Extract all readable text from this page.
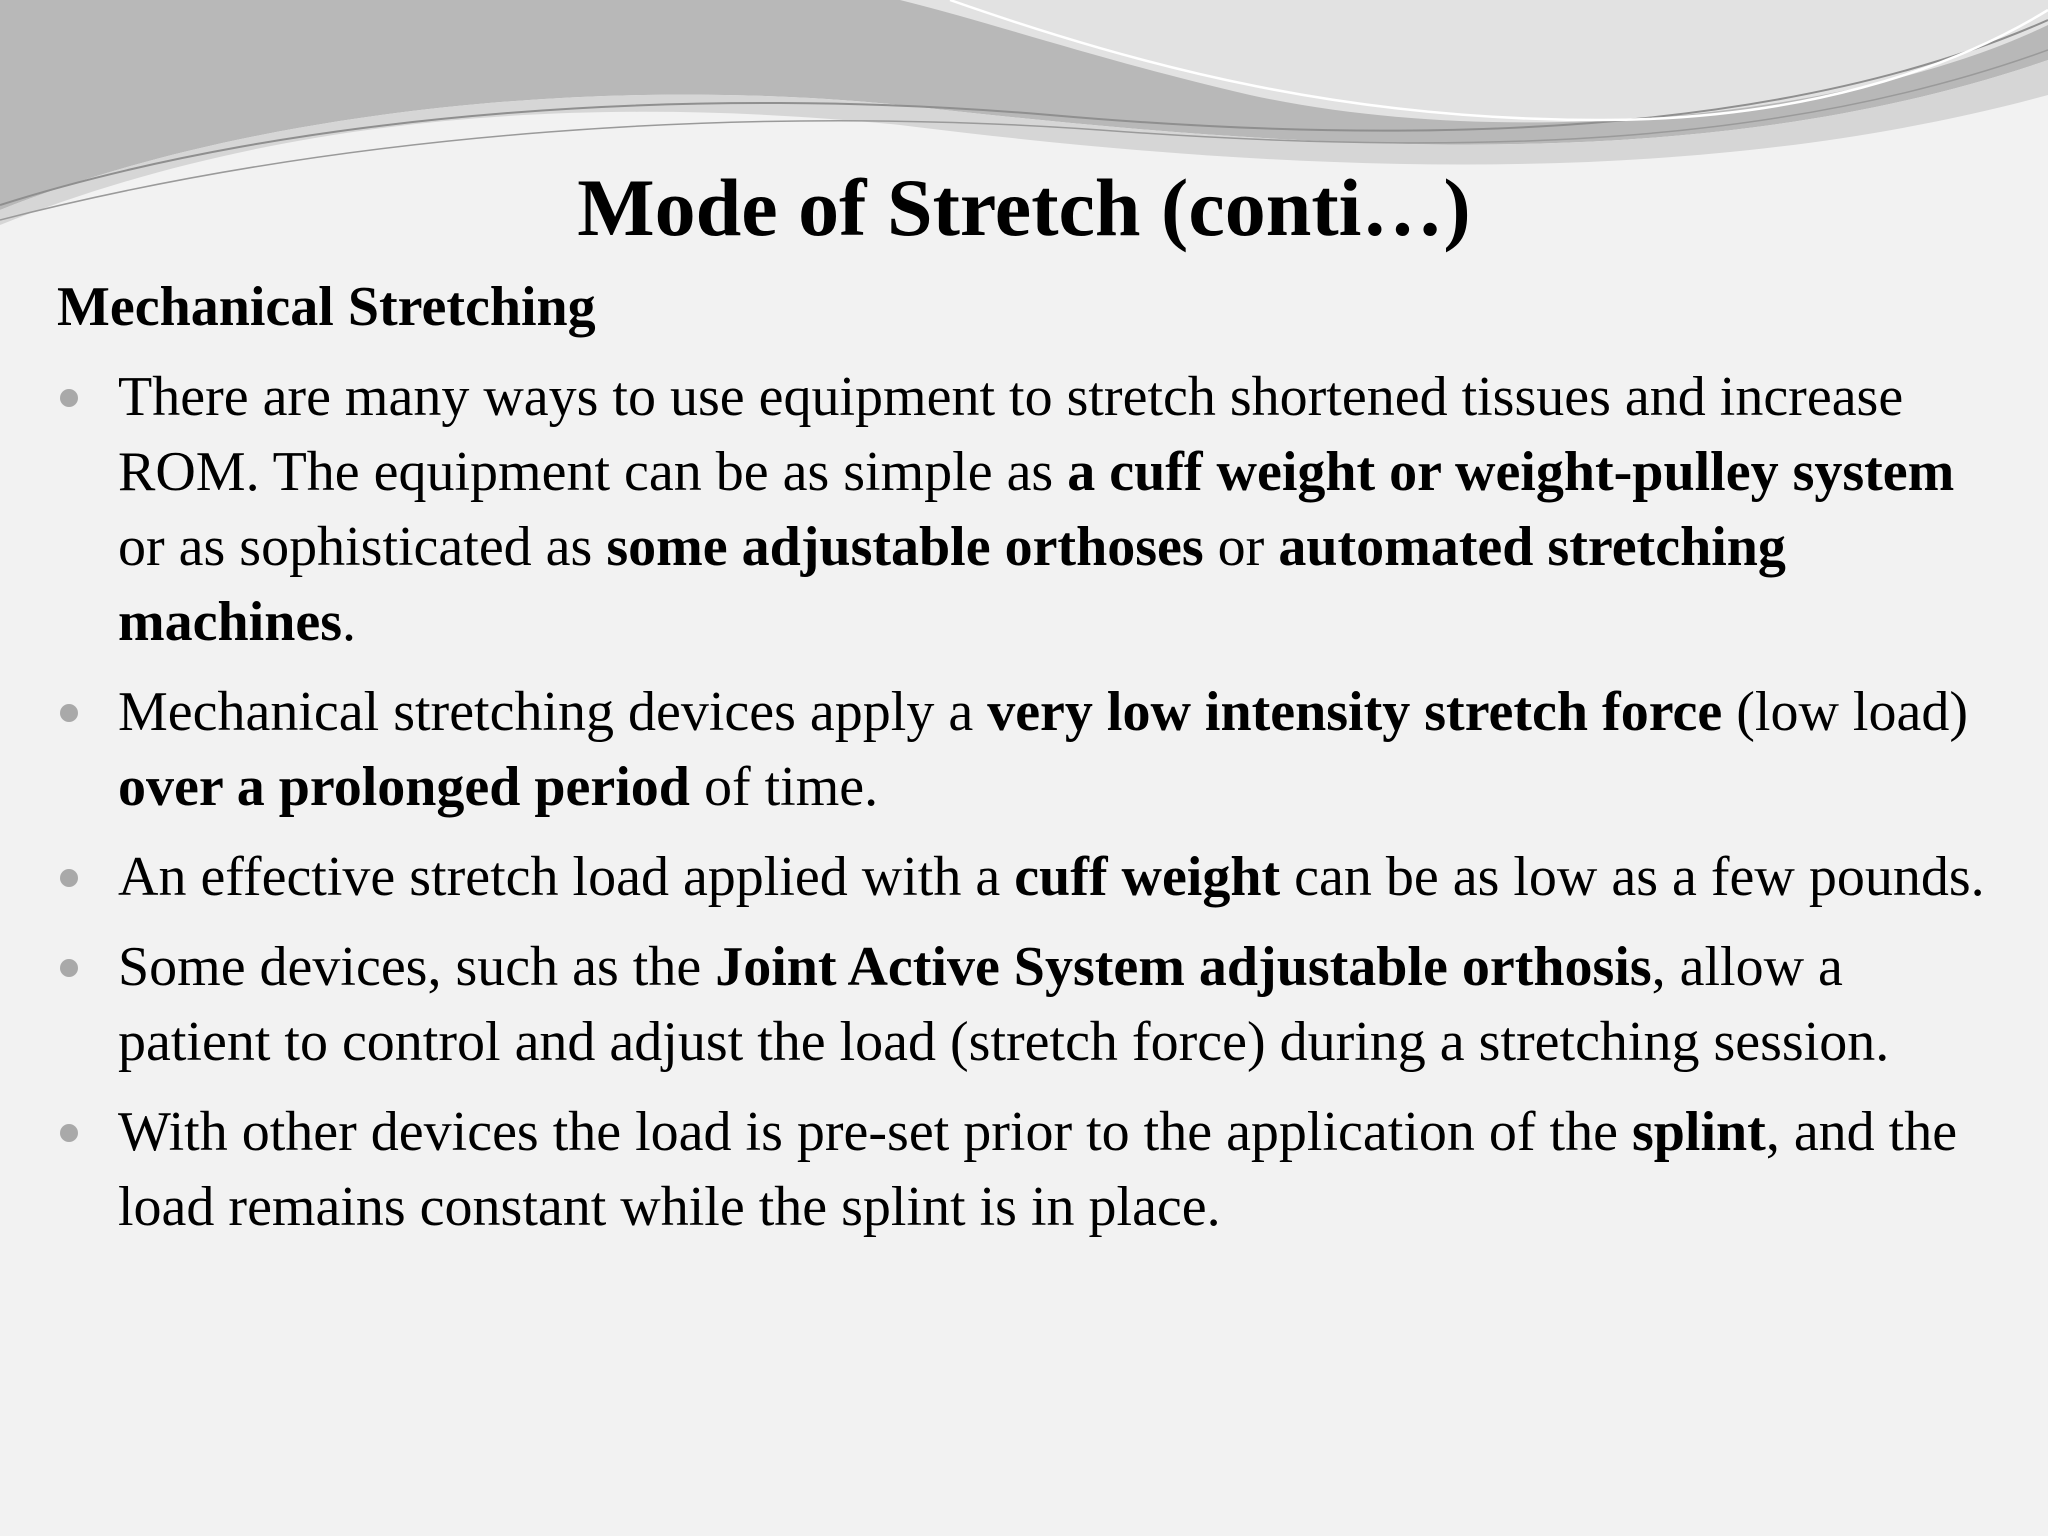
Mode of Stretch (conti…)
Mechanical Stretching
There are many ways to use equipment to stretch shortened tissues and increase ROM. The equipment can be as simple as a cuff weight or weight-pulley system or as sophisticated as some adjustable orthoses or automated stretching machines.
Mechanical stretching devices apply a very low intensity stretch force (low load) over a prolonged period of time.
An effective stretch load applied with a cuff weight can be as low as a few pounds.
Some devices, such as the Joint Active System adjustable orthosis, allow a patient to control and adjust the load (stretch force) during a stretching session.
With other devices the load is pre-set prior to the application of the splint, and the load remains constant while the splint is in place.
